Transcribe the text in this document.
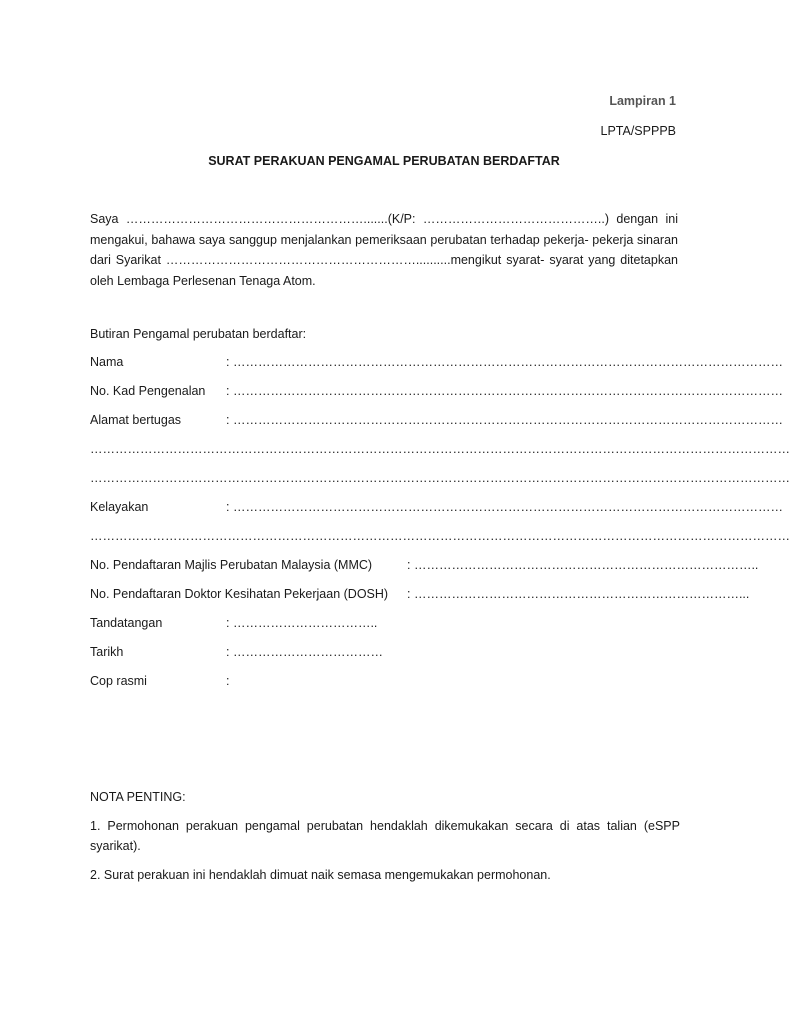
Lampiran 1
LPTA/SPPPB
SURAT PERAKUAN PENGAMAL PERUBATAN BERDAFTAR
Saya ………………………………………………….......(K/P: ……………………………………..) dengan ini mengakui, bahawa saya sanggup menjalankan pemeriksaan perubatan terhadap pekerja- pekerja sinaran dari Syarikat ……………………………………………………..........mengikut syarat- syarat yang ditetapkan oleh Lembaga Perlesenan Tenaga Atom.
Butiran Pengamal perubatan berdaftar:
Nama	: ……………………………………………………………………………………………………………………
No. Kad Pengenalan : ……………………………………………………………………………………………………………………
Alamat bertugas	: ……………………………………………………………………………………………………………………
……………………………………………………………………………………………………………………………………………………
……………………………………………………………………………………………………………………………………………………
Kelayakan	: ……………………………………………………………………………………………………………………
……………………………………………………………………………………………………………………………………………………
No. Pendaftaran Majlis Perubatan Malaysia (MMC)	: ………………………………………………………………………..
No. Pendaftaran Doktor Kesihatan Pekerjaan (DOSH) : ……………………………………………………………………...
Tandatangan	: ……………………………..
Tarikh	: ………………………………
Cop rasmi	:
NOTA PENTING:
1.  Permohonan  perakuan  pengamal  perubatan  hendaklah  dikemukakan  secara  di  atas  talian  (eSPP
syarikat).
2. Surat perakuan ini hendaklah dimuat naik semasa mengemukakan permohonan.
